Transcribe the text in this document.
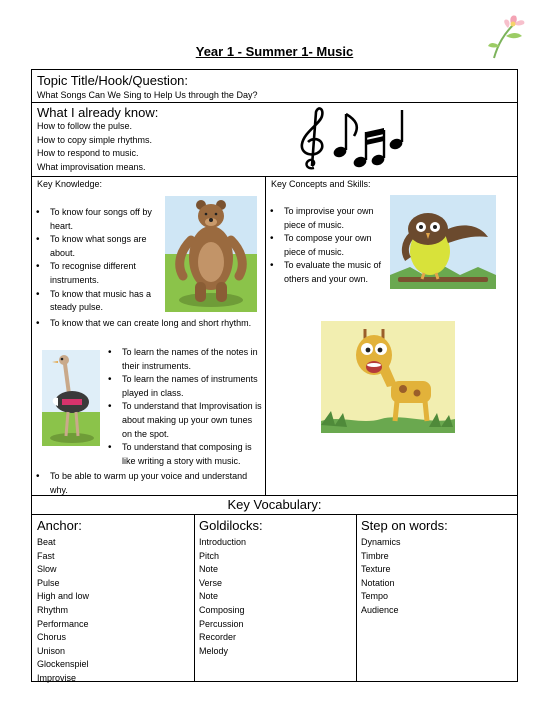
Year 1 - Summer 1- Music
Topic Title/Hook/Question:
What Songs Can We Sing to Help Us through the Day?
What I already know:
How to follow the pulse.
How to copy simple rhythms.
How to respond to music.
What improvisation means.
Key Knowledge:
• To know four songs off by heart.
• To know what songs are about.
• To recognise different instruments.
• To know that music has a steady pulse.
• To know that we can create long and short rhythm.
• To learn the names of the notes in their instruments.
• To learn the names of instruments played in class.
• To understand that Improvisation is about making up your own tunes on the spot.
• To understand that composing is like writing a story with music.
• To be able to warm up your voice and understand why.
Key Concepts and Skills:
• To improvise your own piece of music.
• To compose your own piece of music.
• To evaluate the music of others and your own.
Key Vocabulary:
Anchor:
Beat
Fast
Slow
Pulse
High and low
Rhythm
Performance
Chorus
Unison
Glockenspiel
Improvise
Goldilocks:
Introduction
Pitch
Note
Verse
Note
Composing
Percussion
Recorder
Melody
Step on words:
Dynamics
Timbre
Texture
Notation
Tempo
Audience
